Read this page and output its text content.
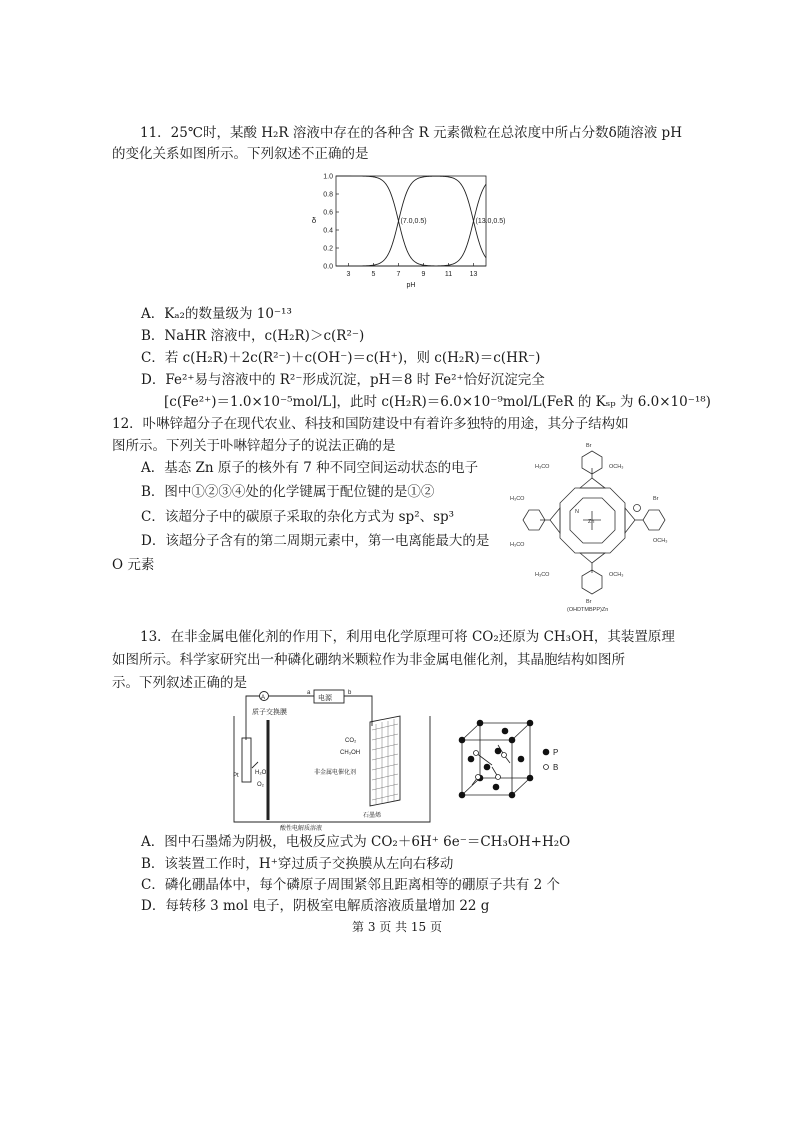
11．25℃时，某酸 H₂R 溶液中存在的各种含 R 元素微粒在总浓度中所占分数δ随溶液 pH
的变化关系如图所示。下列叙述不正确的是
3	5	7	9	11 13
0.0
0.2
0.4
0.6
0.8
1.0
pH
δ	(7.0,0.5)	(13.0,0.5)
A．Kₐ₂的数量级为 10⁻¹³
B．NaHR 溶液中，c(H₂R)＞c(R²⁻)
C．若 c(H₂R)＋2c(R²⁻)＋c(OH⁻)＝c(H⁺)，则 c(H₂R)＝c(HR⁻)
D．Fe²⁺易与溶液中的 R²⁻形成沉淀，pH＝8 时 Fe²⁺恰好沉淀完全
[c(Fe²⁺)＝1.0×10⁻⁵mol/L]，此时 c(H₂R)＝6.0×10⁻⁹mol/L(FeR 的 Kₛₚ 为 6.0×10⁻¹⁸)
12．卟啉锌超分子在现代农业、科技和国防建设中有着许多独特的用途，其分子结构如
图所示。下列关于卟啉锌超分子的说法正确的是
A．基态 Zn 原子的核外有 7 种不同空间运动状态的电子
B．图中①②③④处的化学键属于配位键的是①②
C．该超分子中的碳原子采取的杂化方式为 sp²、sp³
D．该超分子含有的第二周期元素中，第一电离能最大的是
O 元素
H₃CO	OCH₃
Br
H₃CO
H₃CO
Br
OCH₃
H₃CO	OCH₃
Br
Zn
N
(OHDTMBPP)Zn
13．在非金属电催化剂的作用下，利用电化学原理可将 CO₂还原为 CH₃OH，其装置原理
如图所示。科学家研究出一种磷化硼纳米颗粒作为非金属电催化剂，其晶胞结构如图所
示。下列叙述正确的是
A	电源
a	b
质子交换膜
CO₂
CH₃OH
Pt	H₂O
O₂
非金属电催化剂
石墨烯
酸性电解质溶液
P
B
A．图中石墨烯为阴极，电极反应式为 CO₂＋6H⁺ 6e⁻＝CH₃OH+H₂O
B．该装置工作时，H⁺穿过质子交换膜从左向右移动
C．磷化硼晶体中，每个磷原子周围紧邻且距离相等的硼原子共有 2 个
D．每转移 3 mol 电子，阴极室电解质溶液质量增加 22 g
第 3 页 共 15 页
